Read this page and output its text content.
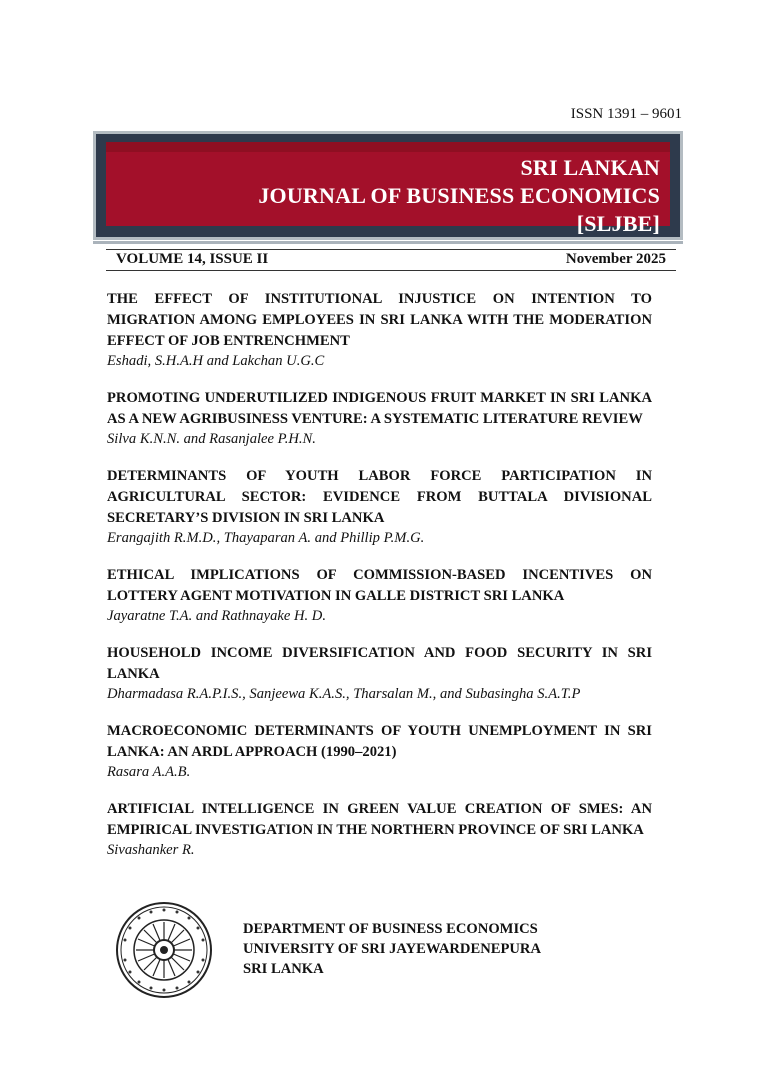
ISSN 1391 – 9601
SRI LANKAN
JOURNAL OF BUSINESS ECONOMICS
[SLJBE]
VOLUME 14, ISSUE II	November 2025
THE EFFECT OF INSTITUTIONAL INJUSTICE ON INTENTION TO MIGRATION AMONG EMPLOYEES IN SRI LANKA WITH THE MODERATION EFFECT OF JOB ENTRENCHMENT
Eshadi, S.H.A.H and Lakchan U.G.C
PROMOTING UNDERUTILIZED INDIGENOUS FRUIT MARKET IN SRI LANKA AS A NEW AGRIBUSINESS VENTURE: A SYSTEMATIC LITERATURE REVIEW
Silva K.N.N. and Rasanjalee P.H.N.
DETERMINANTS OF YOUTH LABOR FORCE PARTICIPATION IN AGRICULTURAL SECTOR: EVIDENCE FROM BUTTALA DIVISIONAL SECRETARY’S DIVISION IN SRI LANKA
Erangajith R.M.D., Thayaparan A. and Phillip P.M.G.
ETHICAL IMPLICATIONS OF COMMISSION-BASED INCENTIVES ON LOTTERY AGENT MOTIVATION IN GALLE DISTRICT SRI LANKA
Jayaratne T.A. and Rathnayake H. D.
HOUSEHOLD INCOME DIVERSIFICATION AND FOOD SECURITY IN SRI LANKA
Dharmadasa R.A.P.I.S., Sanjeewa K.A.S., Tharsalan M., and Subasingha S.A.T.P
MACROECONOMIC DETERMINANTS OF YOUTH UNEMPLOYMENT IN SRI LANKA: AN ARDL APPROACH (1990–2021)
Rasara A.A.B.
ARTIFICIAL INTELLIGENCE IN GREEN VALUE CREATION OF SMES: AN EMPIRICAL INVESTIGATION IN THE NORTHERN PROVINCE OF SRI LANKA
Sivashanker R.
DEPARTMENT OF BUSINESS ECONOMICS
UNIVERSITY OF SRI JAYEWARDENEPURA
SRI LANKA
